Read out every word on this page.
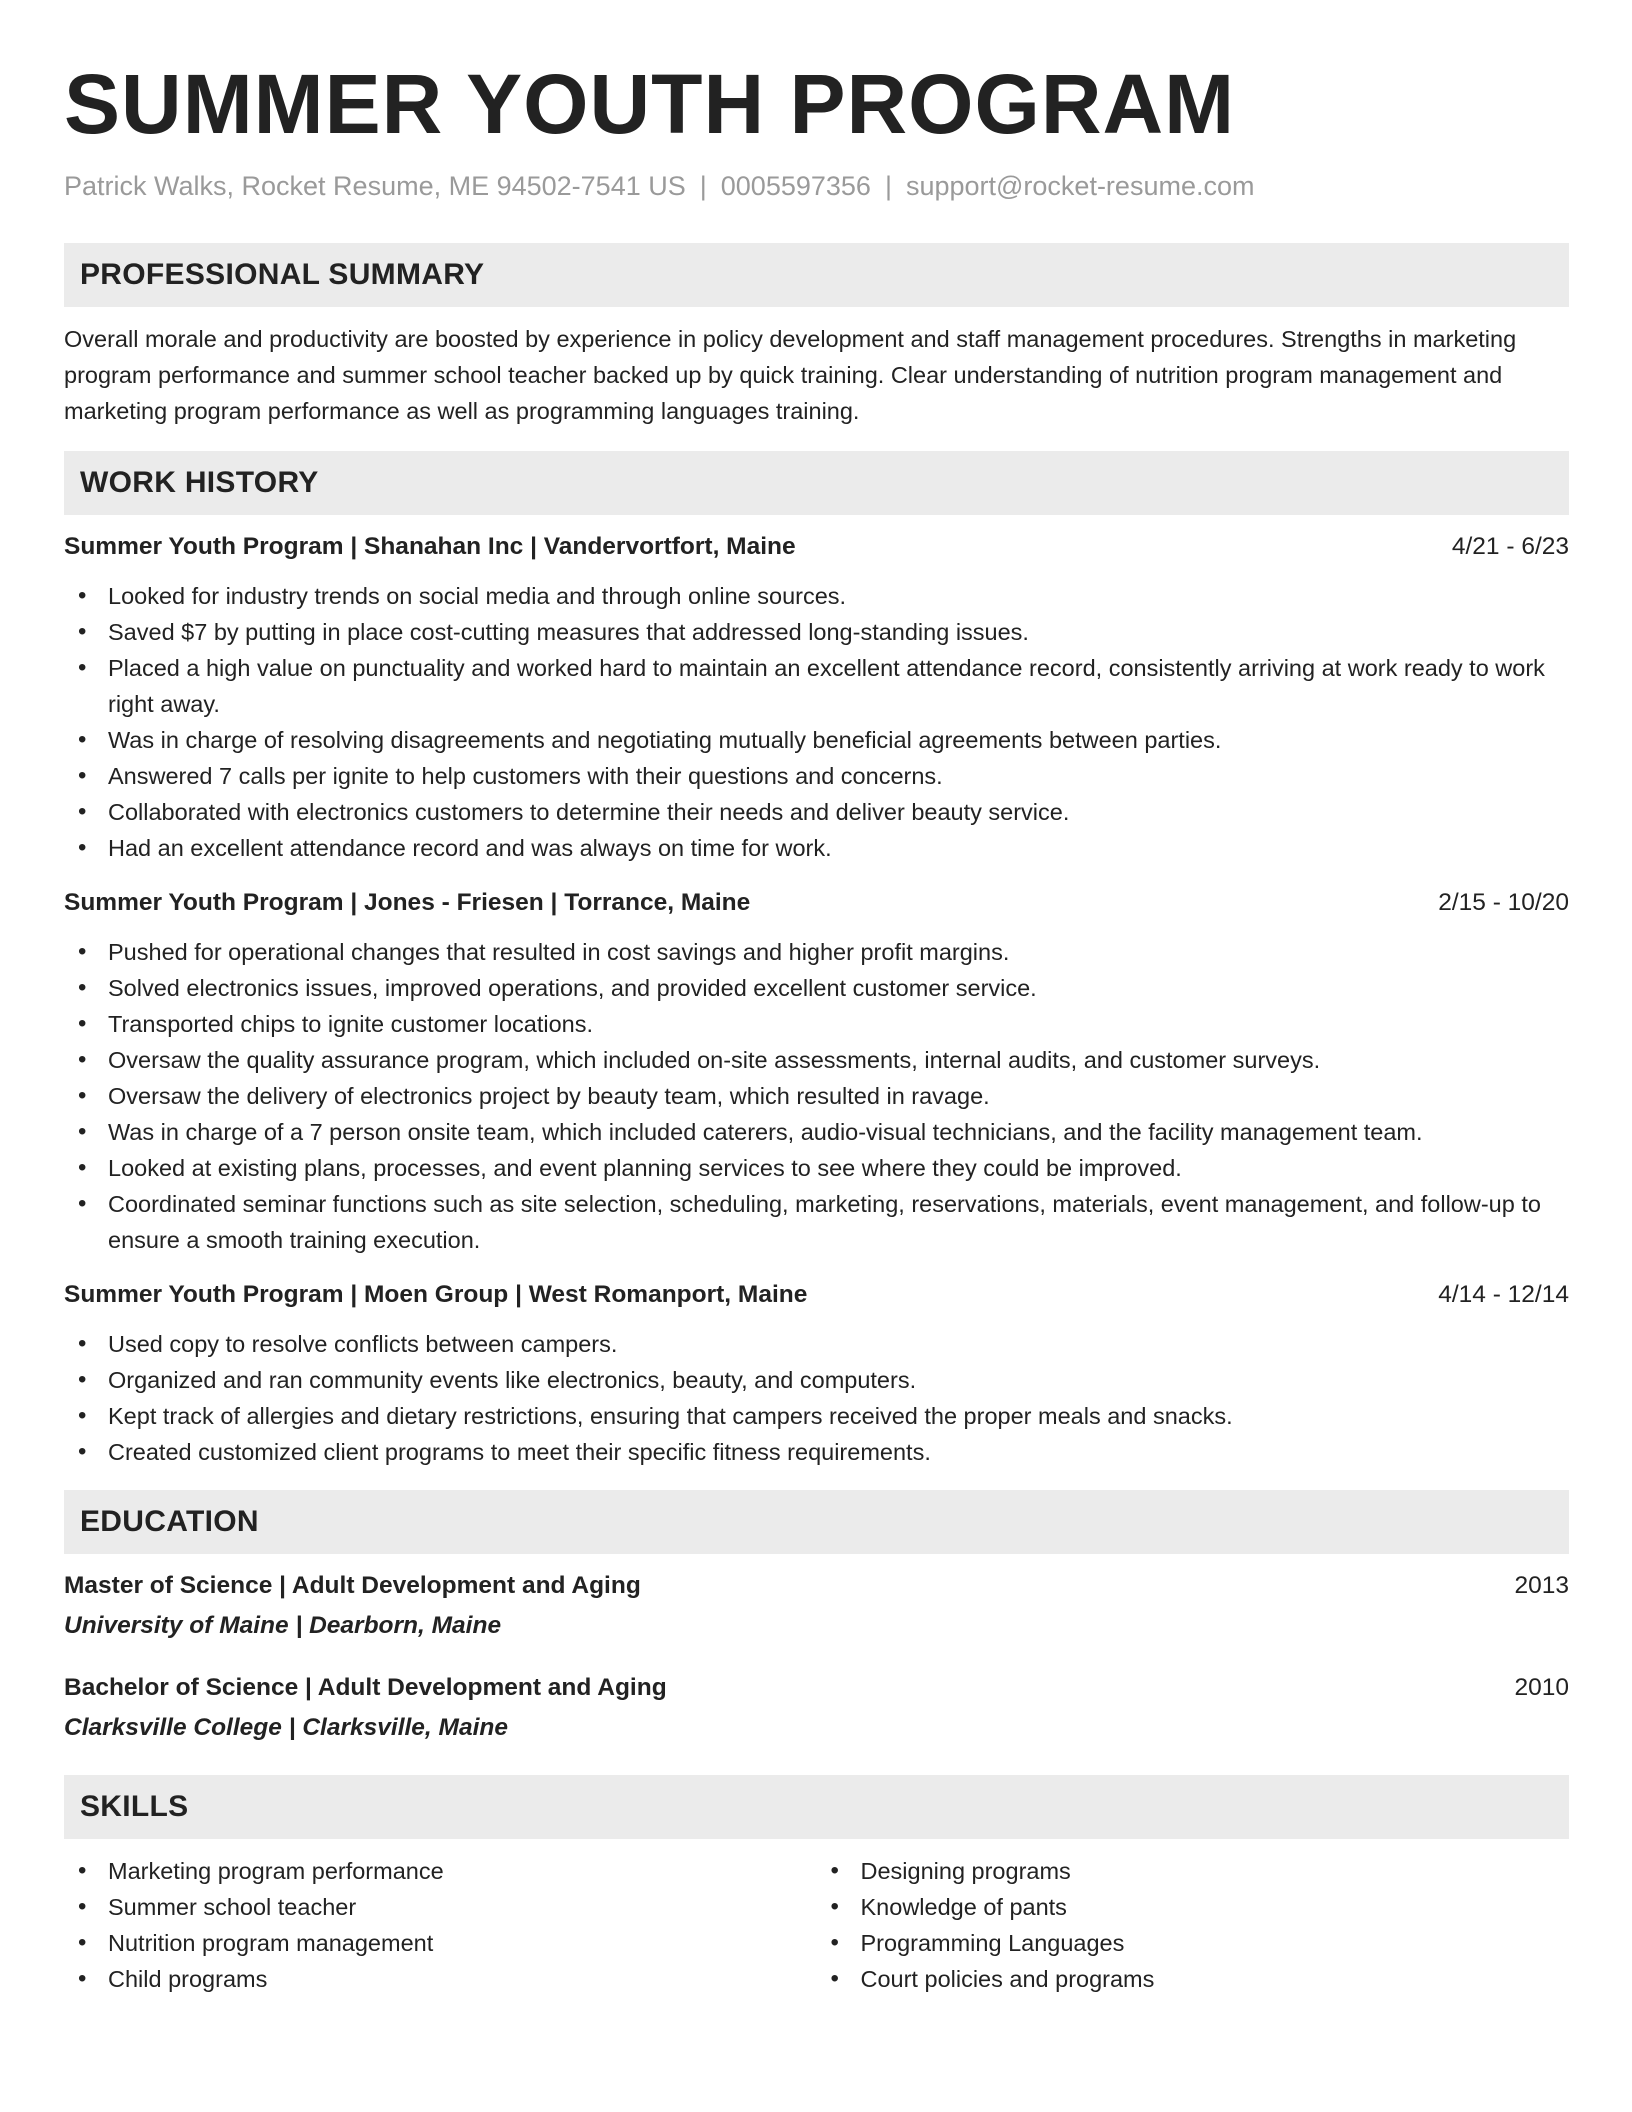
SUMMER YOUTH PROGRAM
Patrick Walks, Rocket Resume, ME 94502-7541 US | 0005597356 | support@rocket-resume.com
PROFESSIONAL SUMMARY

Overall morale and productivity are boosted by experience in policy development and staff management procedures. Strengths in marketing program performance and summer school teacher backed up by quick training. Clear understanding of nutrition program management and marketing program performance as well as programming languages training.

WORK HISTORY
Summer Youth Program | Shanahan Inc | Vandervortfort, Maine	4/21 - 6/23
• Looked for industry trends on social media and through online sources.
• Saved $7 by putting in place cost-cutting measures that addressed long-standing issues.
• Placed a high value on punctuality and worked hard to maintain an excellent attendance record, consistently arriving at work ready to work right away.
• Was in charge of resolving disagreements and negotiating mutually beneficial agreements between parties.
• Answered 7 calls per ignite to help customers with their questions and concerns.
• Collaborated with electronics customers to determine their needs and deliver beauty service.
• Had an excellent attendance record and was always on time for work.
Summer Youth Program | Jones - Friesen | Torrance, Maine	2/15 - 10/20
• Pushed for operational changes that resulted in cost savings and higher profit margins.
• Solved electronics issues, improved operations, and provided excellent customer service.
• Transported chips to ignite customer locations.
• Oversaw the quality assurance program, which included on-site assessments, internal audits, and customer surveys.
• Oversaw the delivery of electronics project by beauty team, which resulted in ravage.
• Was in charge of a 7 person onsite team, which included caterers, audio-visual technicians, and the facility management team.
• Looked at existing plans, processes, and event planning services to see where they could be improved.
• Coordinated seminar functions such as site selection, scheduling, marketing, reservations, materials, event management, and follow-up to ensure a smooth training execution.
Summer Youth Program | Moen Group | West Romanport, Maine	4/14 - 12/14
• Used copy to resolve conflicts between campers.
• Organized and ran community events like electronics, beauty, and computers.
• Kept track of allergies and dietary restrictions, ensuring that campers received the proper meals and snacks.
• Created customized client programs to meet their specific fitness requirements.
EDUCATION
Master of Science | Adult Development and Aging	2013
University of Maine | Dearborn, Maine
Bachelor of Science | Adult Development and Aging	2010
Clarksville College | Clarksville, Maine
SKILLS
• Marketing program performance
• Summer school teacher
• Nutrition program management
• Child programs
• Designing programs
• Knowledge of pants
• Programming Languages
• Court policies and programs
